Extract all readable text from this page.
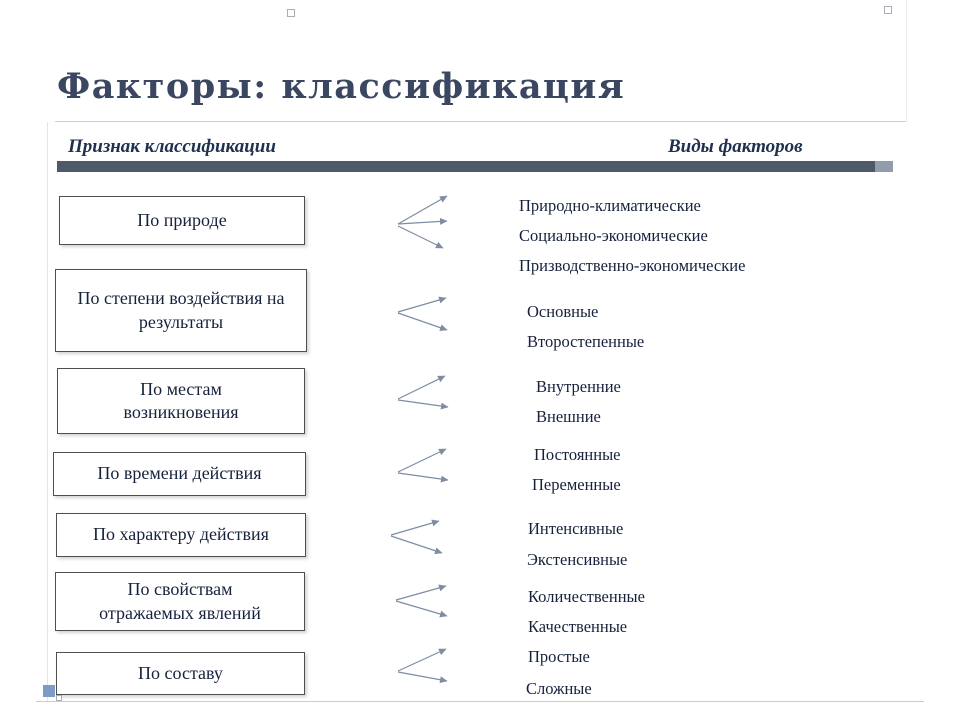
Факторы: классификация
Признак классификации	Виды факторов
По природе
По степени воздействия на результаты
По местам возникновения
По времени действия
По характеру действия
По свойствам отражаемых явлений
По составу
Природно-климатические
Социально-экономические
Призводственно-экономические
Основные
Второстепенные
Внутренние
Внешние
Постоянные
Переменные
Интенсивные
Экстенсивные
Количественные
Качественные
Простые
Сложные
